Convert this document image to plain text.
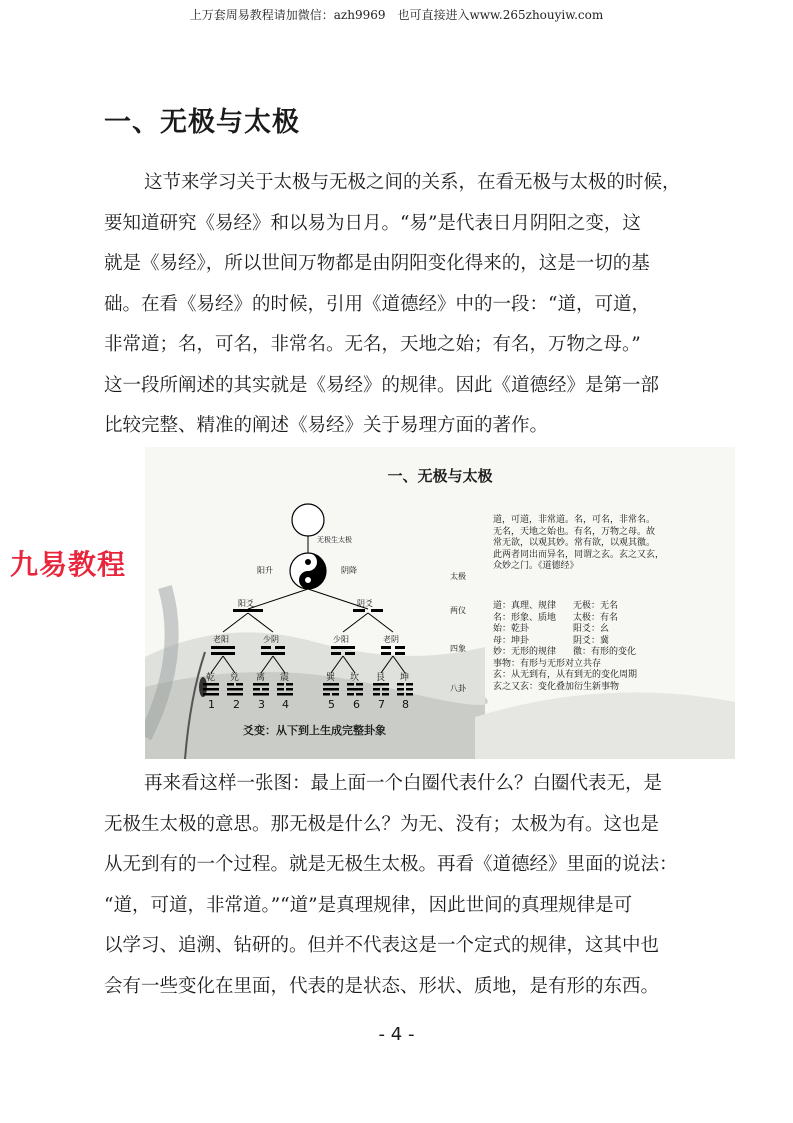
上万套周易教程请加微信：azh9969　也可直接进入www.265zhouyiw.com
一、无极与太极

这节来学习关于太极与无极之间的关系，在看无极与太极的时候，

要知道研究《易经》和以易为日月。“易”是代表日月阴阳之变，这

就是《易经》，所以世间万物都是由阴阳变化得来的，这是一切的基

础。在看《易经》的时候，引用《道德经》中的一段：“道，可道，

非常道；名，可名，非常名。无名，天地之始；有名，万物之母。”

这一段所阐述的其实就是《易经》的规律。因此《道德经》是第一部

比较完整、精准的阐述《易经》关于易理方面的著作。

一、无极与太极
无极生太极
阳升	阴降
阳爻	阴爻
老阳	少阴	少阳	老阴
乾 兑 离 震	巽 坎 艮 坤
1 2 3 4	5 6 7 8
太极
两仪
四象
八卦

道，可道，非常道。名，可名，非常名。

无名，天地之始也。有名，万物之母。故

常无欲，以观其妙。常有欲，以观其徼。

此两者同出而异名，同谓之玄。玄之又玄，

众妙之门。《道德经》

道：真理、规律	无极：无名
名：形象、质地	太极：有名
始：乾卦	阳爻：幺
母：坤卦	阴爻：冀
妙：无形的规律	徼：有形的变化
事物：有形与无形对立共存
玄：从无到有，从有到无的变化周期
玄之又玄：变化叠加衍生新事物
爻变：从下到上生成完整卦象
九易教程

再来看这样一张图：最上面一个白圈代表什么？白圈代表无，是

无极生太极的意思。那无极是什么？为无、没有；太极为有。这也是

从无到有的一个过程。就是无极生太极。再看《道德经》里面的说法：

“道，可道，非常道。”“道”是真理规律，因此世间的真理规律是可

以学习、追溯、钻研的。但并不代表这是一个定式的规律，这其中也

会有一些变化在里面，代表的是状态、形状、质地，是有形的东西。

- 4 -
